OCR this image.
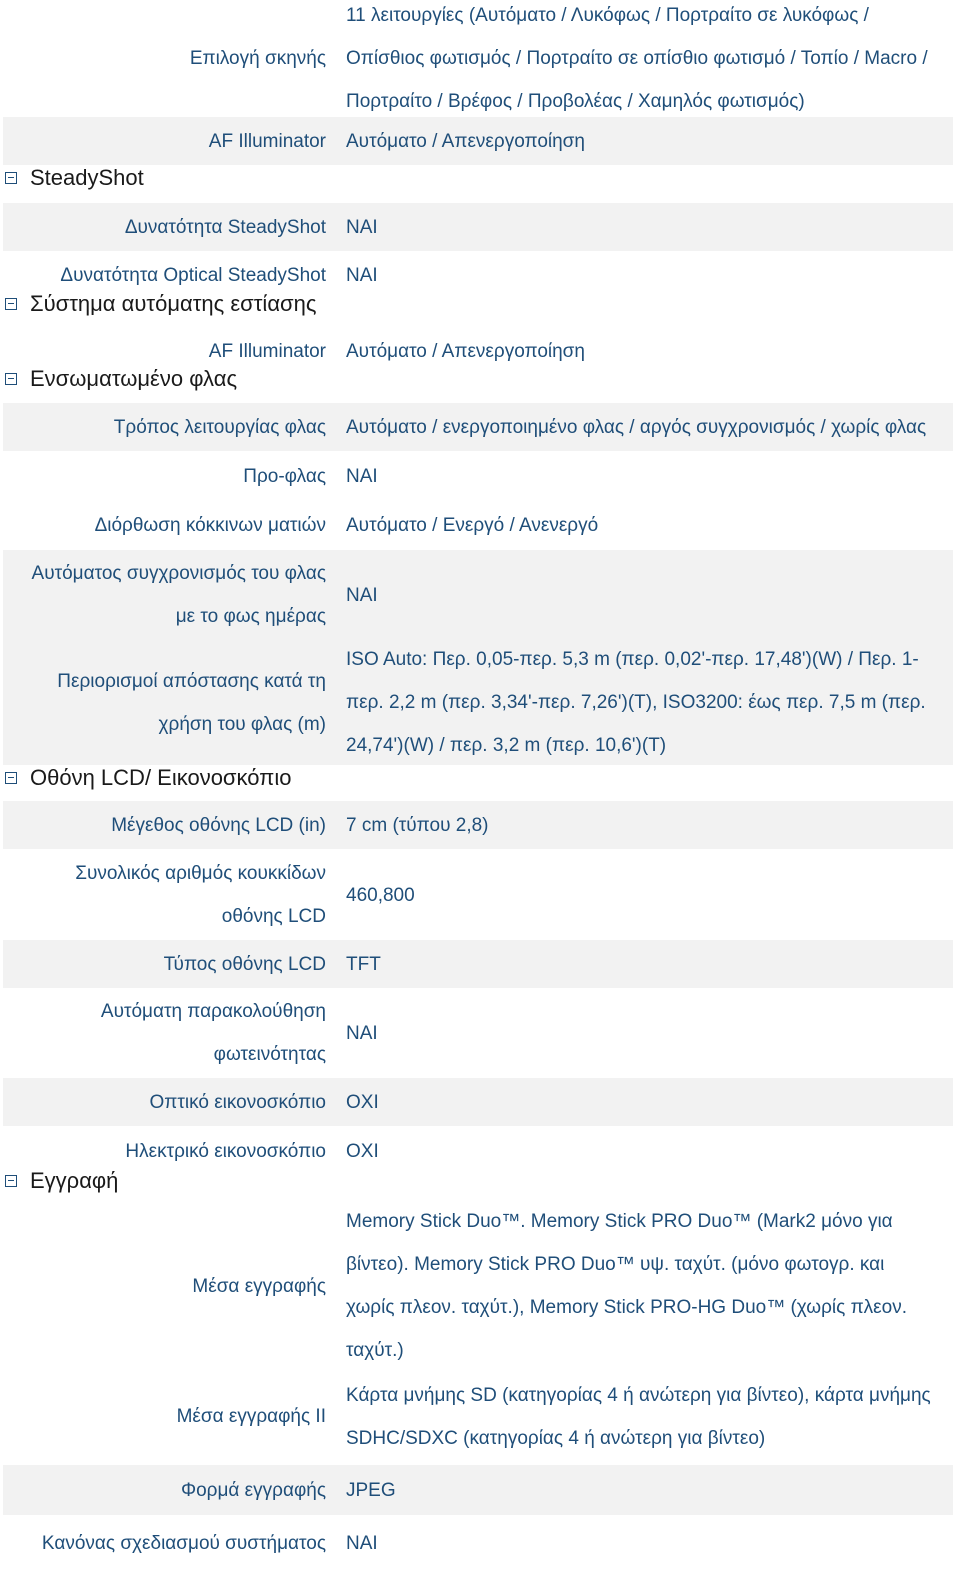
Επιλογή σκηνής

11 λειτουργίες (Αυτόματο / Λυκόφως / Πορτραίτο σε λυκόφως /

Οπίσθιος φωτισμός / Πορτραίτο σε οπίσθιο φωτισμό / Τοπίο / Macro /

Πορτραίτο / Βρέφος / Προβολέας / Χαμηλός φωτισμός)

AF Illuminator Αυτόματο / Απενεργοποίηση

Δυνατότητα SteadyShot ΝΑΙ

Δυνατότητα Optical SteadyShot ΝΑΙ

AF Illuminator Αυτόματο / Απενεργοποίηση

Τρόπος λειτουργίας φλας Αυτόματο / ενεργοποιημένο φλας / αργός συγχρονισμός / χωρίς φλας

Προ-φλας ΝΑΙ

Διόρθωση κόκκινων ματιών Αυτόματο / Ενεργό / Ανενεργό

Αυτόματος συγχρονισμός του φλας

με το φως ημέρας

ΝΑΙ

Περιορισμοί απόστασης κατά τη

χρήση του φλας (m)

ISO Auto: Περ. 0,05-περ. 5,3 m (περ. 0,02'-περ. 17,48')(W) / Περ. 1-

περ. 2,2 m (περ. 3,34'-περ. 7,26')(T), ISO3200: έως περ. 7,5 m (περ.

24,74')(W) / περ. 3,2 m (περ. 10,6')(T)

Μέγεθος οθόνης LCD (in) 7 cm (τύπου 2,8)

Συνολικός αριθμός κουκκίδων

οθόνης LCD

460,800

Τύπος οθόνης LCD TFT

Αυτόματη παρακολούθηση

φωτεινότητας

ΝΑΙ

Οπτικό εικονοσκόπιο ΟΧΙ

Ηλεκτρικό εικονοσκόπιο ΟΧΙ

Μέσα εγγραφής

Memory Stick Duo™. Memory Stick PRO Duo™ (Mark2 μόνο για

βίντεο). Memory Stick PRO Duo™ υψ. ταχύτ. (μόνο φωτογρ. και

χωρίς πλεον. ταχύτ.), Memory Stick PRO-HG Duo™ (χωρίς πλεον.

ταχύτ.)

Μέσα εγγραφής II

Κάρτα μνήμης SD (κατηγορίας 4 ή ανώτερη για βίντεο), κάρτα μνήμης

SDHC/SDXC (κατηγορίας 4 ή ανώτερη για βίντεο)

Φορμά εγγραφής JPEG

Κανόνας σχεδιασμού συστήματος ΝΑΙ

SteadyShot
Σύστημα αυτόματης εστίασης
Ενσωματωμένο φλας
Οθόνη LCD/ Εικονοσκόπιο
Εγγραφή
